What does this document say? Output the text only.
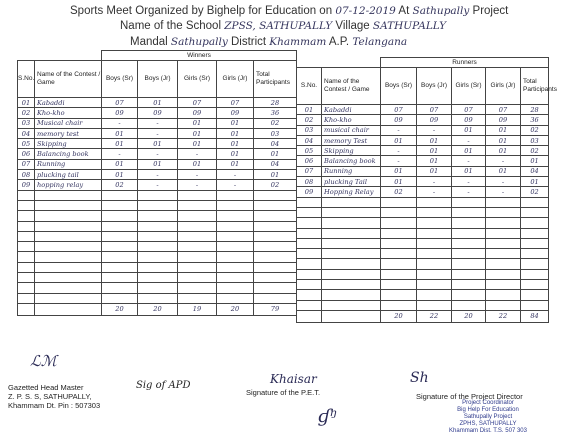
Sports Meet Organized by Bighelp for Education on 07-12-2019 At Sathupally Project
Name of the School ZPSS, SATHUPALLY Village SATHUPALLY
Mandal Sathupally District Khammam A.P. Telangana
		Winners				
S.No.	Name of the Contest / Game	Boys (Sr)	Boys (Jr)	Girls (Sr)	Girls (Jr)	Total Participants
01	Kabaddi	07	01	07	07	28
02	Kho-kho	09	09	09	09	36
03	Musical chair	-	-	01	01	02
04	memory test	01	-	01	01	03
05	Skipping	01	01	01	01	04
06	Balancing book	-	-	-	01	01
07	Running	01	01	01	01	04
08	plucking tail	01	-	-	-	01
09	hopping relay	02	-	-	-	02

		20	20	19	20	79
		Runners				
S.No.	Name of the Contest / Game	Boys (Sr)	Boys (Jr)	Girls (Sr)	Girls (Jr)	Total Participants
01	Kabaddi	07	07	07	07	28
02	Kho-kho	09	09	09	09	36
03	musical chair	-	-	01	01	02
04	memory Test	01	01	-	01	03
05	Skipping	-	01	01	01	02
06	Balancing book	-	01	-	-	01
07	Running	01	01	01	01	04
08	plucking Tail	01	-	-	-	01
09	Hopping Relay	02	-	-	-	02

		20	22	20	22	84
ℒℳ
Gazetted Head Master
Z. P. S. S, SATHUPALLY,
Khammam Dt. Pin : 507303
Sig of APD	Khaisar
Signature of the P.E.T.
Sh
Signature of the Project Director
Project Coordinator
Big Help For Education
Sathupally Project
ZPHS, SATHUPALLY
Khammam Dist. T.S. 507 303
ɠᵑ
